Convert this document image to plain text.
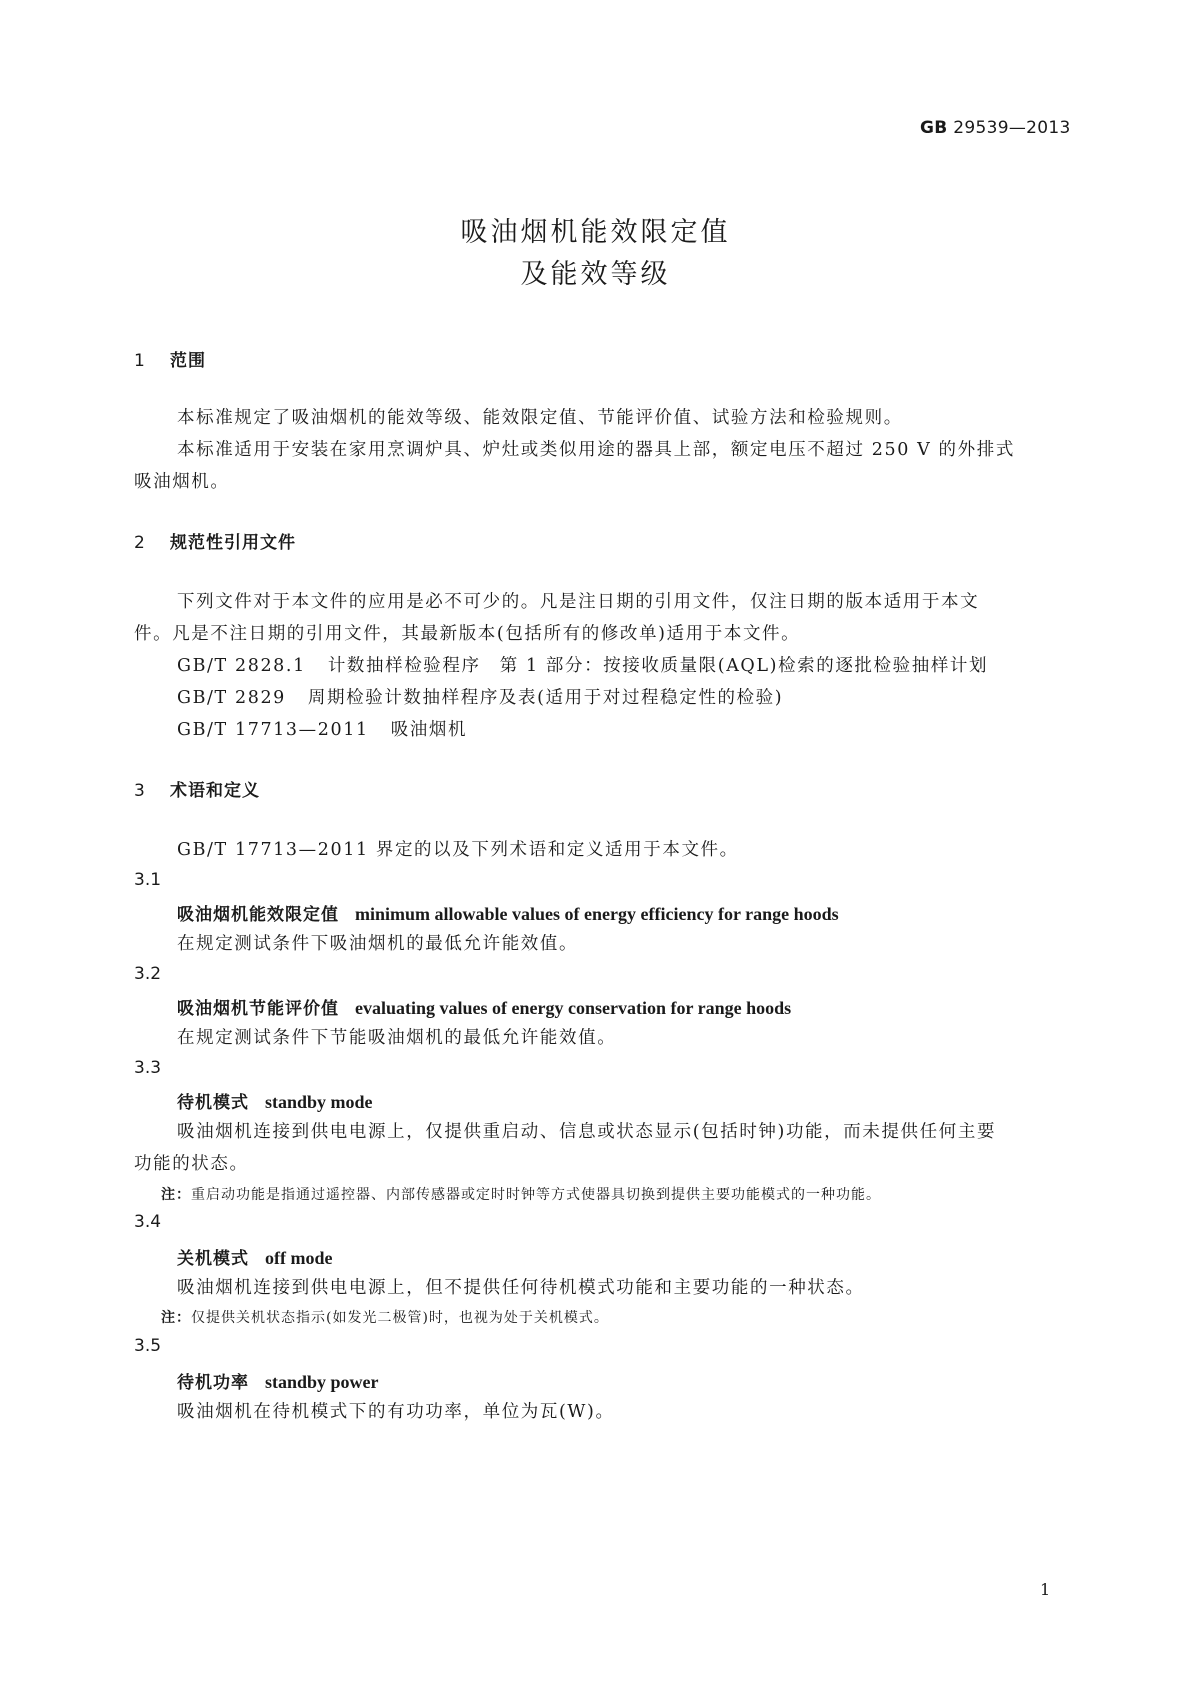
GB 29539—2013
吸油烟机能效限定值
及能效等级
1 范围
本标准规定了吸油烟机的能效等级、能效限定值、节能评价值、试验方法和检验规则。
本标准适用于安装在家用烹调炉具、炉灶或类似用途的器具上部，额定电压不超过 250 V 的外排式
吸油烟机。
2 规范性引用文件
下列文件对于本文件的应用是必不可少的。凡是注日期的引用文件，仅注日期的版本适用于本文
件。凡是不注日期的引用文件，其最新版本(包括所有的修改单)适用于本文件。
GB/T 2828.1 计数抽样检验程序　第 1 部分：按接收质量限(AQL)检索的逐批检验抽样计划
GB/T 2829 周期检验计数抽样程序及表(适用于对过程稳定性的检验)
GB/T 17713—2011 吸油烟机
3 术语和定义
GB/T 17713—2011 界定的以及下列术语和定义适用于本文件。
3.1
吸油烟机能效限定值 minimum allowable values of energy efficiency for range hoods
在规定测试条件下吸油烟机的最低允许能效值。
3.2
吸油烟机节能评价值 evaluating values of energy conservation for range hoods
在规定测试条件下节能吸油烟机的最低允许能效值。
3.3
待机模式 standby mode
吸油烟机连接到供电电源上，仅提供重启动、信息或状态显示(包括时钟)功能，而未提供任何主要
功能的状态。
注：重启动功能是指通过遥控器、内部传感器或定时时钟等方式使器具切换到提供主要功能模式的一种功能。
3.4
关机模式 off mode
吸油烟机连接到供电电源上，但不提供任何待机模式功能和主要功能的一种状态。
注：仅提供关机状态指示(如发光二极管)时，也视为处于关机模式。
3.5
待机功率 standby power
吸油烟机在待机模式下的有功功率，单位为瓦(W)。
1
